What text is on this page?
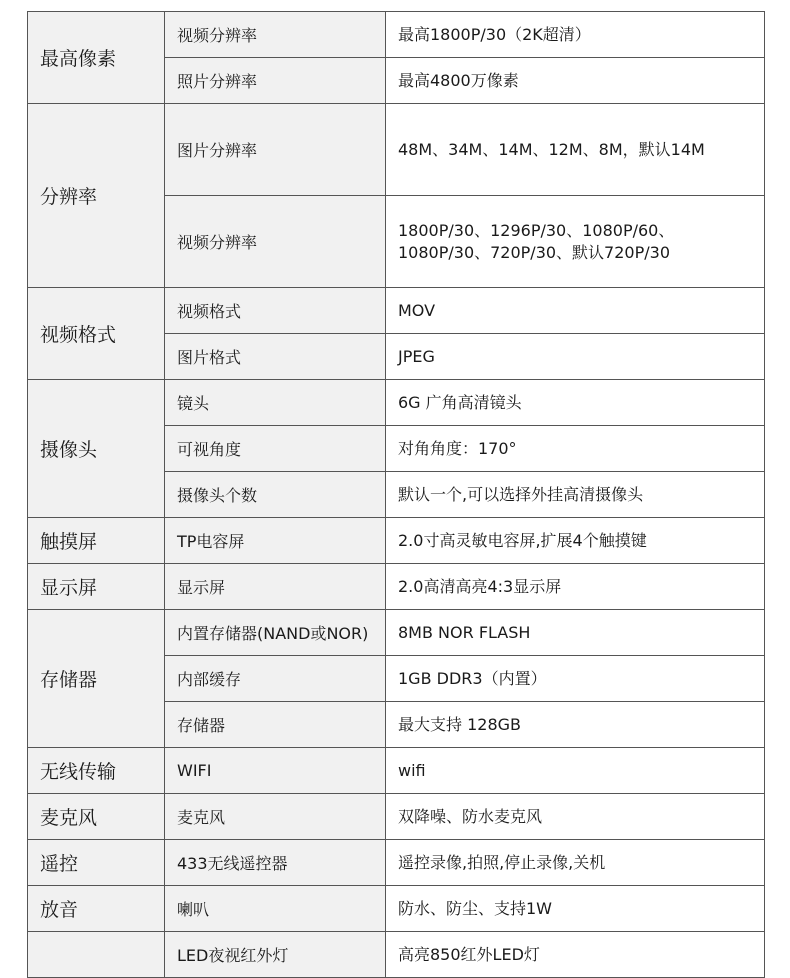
最高像素	视频分辨率	最高1800P/30（2K超清）

	照片分辨率	最高4800万像素

分辨率	图片分辨率	48M、34M、14M、12M、8M，默认14M

	视频分辨率	1800P/30、1296P/30、1080P/60、1080P/30、720P/30、默认720P/30

视频格式	视频格式	MOV

	图片格式	JPEG

摄像头	镜头	6G 广角高清镜头

	可视角度	对角角度：170°

	摄像头个数	默认一个,可以选择外挂高清摄像头

触摸屏	TP电容屏	2.0寸高灵敏电容屏,扩展4个触摸键

显示屏	显示屏	2.0高清高亮4:3显示屏

存储器	内置存储器(NAND或NOR)	8MB NOR FLASH

	内部缓存	1GB DDR3（内置）

	存储器	最大支持 128GB

无线传输	WIFI	wifi

麦克风	麦克风	双降噪、防水麦克风

遥控	433无线遥控器	遥控录像,拍照,停止录像,关机

放音	喇叭	防水、防尘、支持1W

	LED夜视红外灯	高亮850红外LED灯
